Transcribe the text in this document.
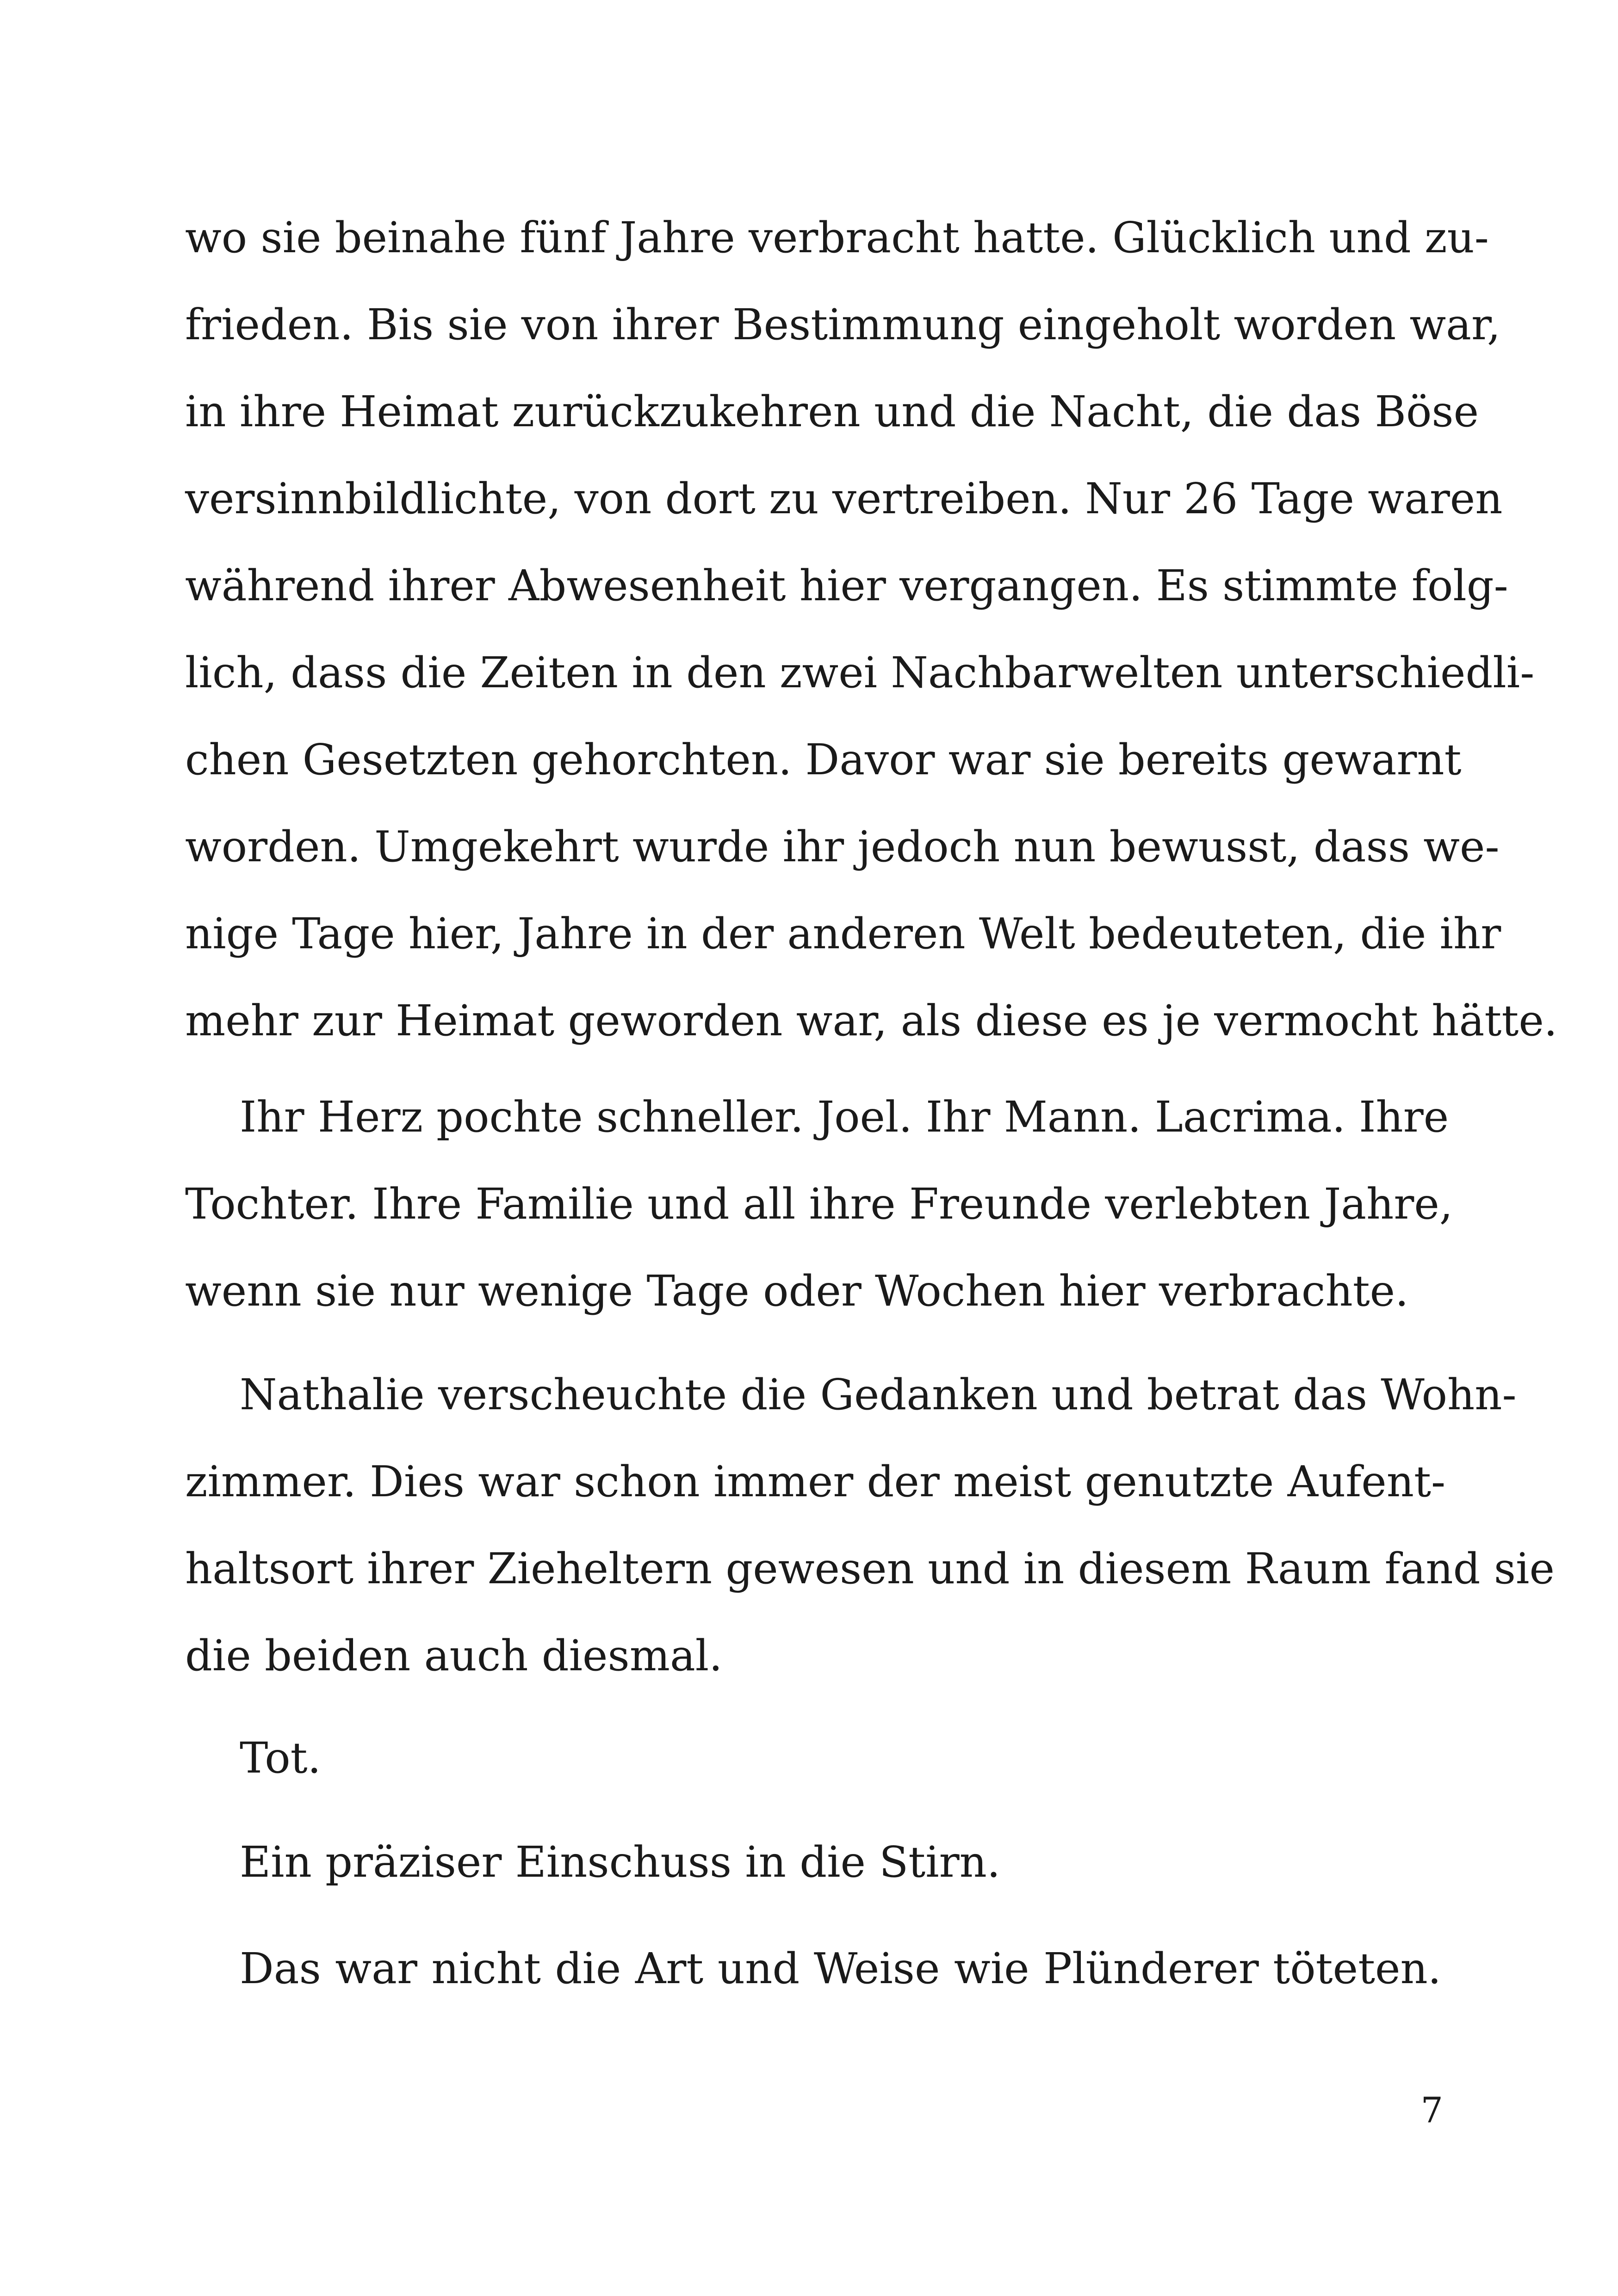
wo sie beinahe fünf Jahre verbracht hatte. Glücklich und zu-
frieden. Bis sie von ihrer Bestimmung eingeholt worden war,
in ihre Heimat zurückzukehren und die Nacht, die das Böse
versinnbildlichte, von dort zu vertreiben. Nur 26 Tage waren
während ihrer Abwesenheit hier vergangen. Es stimmte folg-
lich, dass die Zeiten in den zwei Nachbarwelten unterschiedli-
chen Gesetzten gehorchten. Davor war sie bereits gewarnt
worden. Umgekehrt wurde ihr jedoch nun bewusst, dass we-
nige Tage hier, Jahre in der anderen Welt bedeuteten, die ihr
mehr zur Heimat geworden war, als diese es je vermocht hätte.
Ihr Herz pochte schneller. Joel. Ihr Mann. Lacrima. Ihre
Tochter. Ihre Familie und all ihre Freunde verlebten Jahre,
wenn sie nur wenige Tage oder Wochen hier verbrachte.
Nathalie verscheuchte die Gedanken und betrat das Wohn-
zimmer. Dies war schon immer der meist genutzte Aufent-
haltsort ihrer Zieheltern gewesen und in diesem Raum fand sie
die beiden auch diesmal.
Tot.
Ein präziser Einschuss in die Stirn.
Das war nicht die Art und Weise wie Plünderer töteten.
7
